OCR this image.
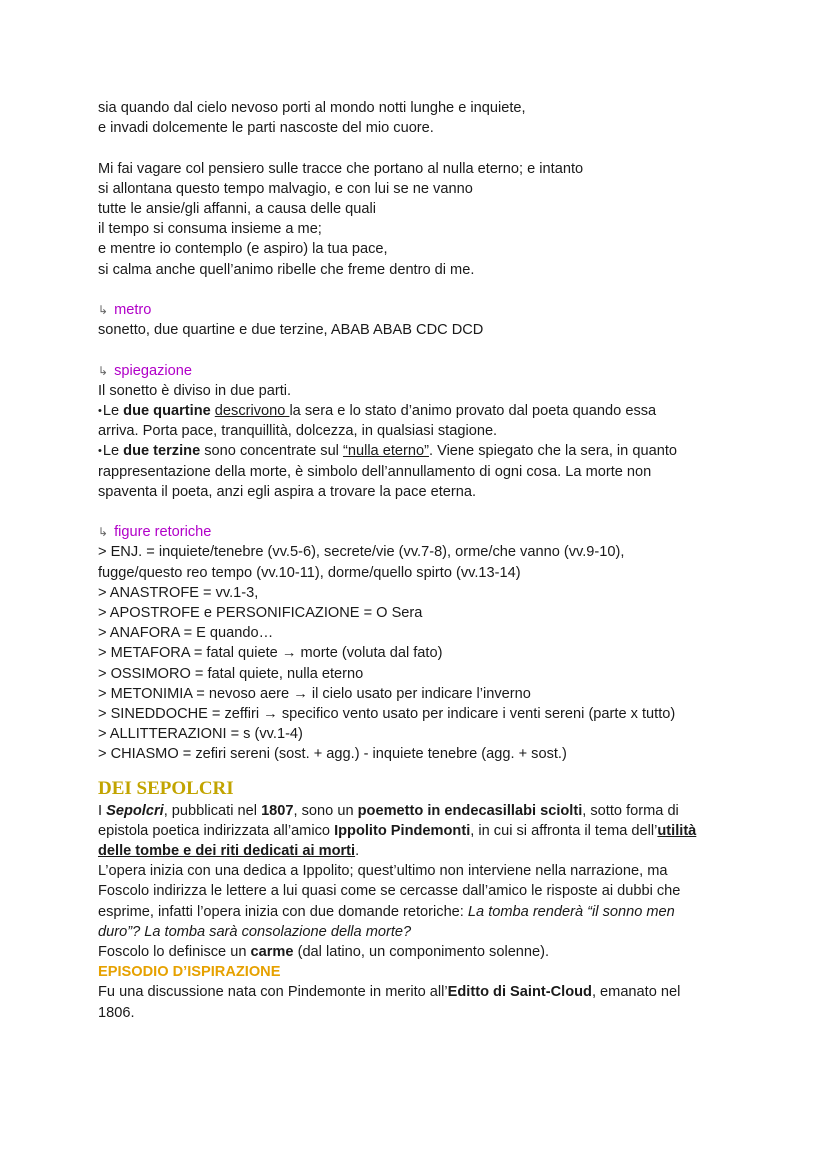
sia quando dal cielo nevoso porti al mondo notti lunghe e inquiete,
e invadi dolcemente le parti nascoste del mio cuore.
Mi fai vagare col pensiero sulle tracce che portano al nulla eterno; e intanto
si allontana questo tempo malvagio, e con lui se ne vanno
tutte le ansie/gli affanni, a causa delle quali
il tempo si consuma insieme a me;
e mentre io contemplo (e aspiro) la tua pace,
si calma anche quell’animo ribelle che freme dentro di me.
↳ metro
sonetto, due quartine e due terzine, ABAB ABAB CDC DCD
↳ spiegazione
Il sonetto è diviso in due parti.
•Le due quartine descrivono la sera e lo stato d’animo provato dal poeta quando essa
arriva. Porta pace, tranquillità, dolcezza, in qualsiasi stagione.
•Le due terzine sono concentrate sul “nulla eterno”. Viene spiegato che la sera, in quanto
rappresentazione della morte, è simbolo dell’annullamento di ogni cosa. La morte non
spaventa il poeta, anzi egli aspira a trovare la pace eterna.
↳ figure retoriche
> ENJ. = inquiete/tenebre (vv.5-6), secrete/vie (vv.7-8), orme/che vanno (vv.9-10),
fugge/questo reo tempo (vv.10-11), dorme/quello spirto (vv.13-14)
> ANASTROFE = vv.1-3,
> APOSTROFE e PERSONIFICAZIONE = O Sera
> ANAFORA = E quando…
> METAFORA = fatal quiete → morte (voluta dal fato)
> OSSIMORO = fatal quiete, nulla eterno
> METONIMIA = nevoso aere → il cielo usato per indicare l’inverno
> SINEDDOCHE = zeffiri → specifico vento usato per indicare i venti sereni (parte x tutto)
> ALLITTERAZIONI = s (vv.1-4)
> CHIASMO = zefiri sereni (sost. + agg.) - inquiete tenebre (agg. + sost.)
DEI SEPOLCRI
I Sepolcri, pubblicati nel 1807, sono un poemetto in endecasillabi sciolti, sotto forma di
epistola poetica indirizzata all’amico Ippolito Pindemonti, in cui si affronta il tema dell’utilità
delle tombe e dei riti dedicati ai morti.
L’opera inizia con una dedica a Ippolito; quest’ultimo non interviene nella narrazione, ma
Foscolo indirizza le lettere a lui quasi come se cercasse dall’amico le risposte ai dubbi che
esprime, infatti l’opera inizia con due domande retoriche: La tomba renderà “il sonno men
duro”? La tomba sarà consolazione della morte?
Foscolo lo definisce un carme (dal latino, un componimento solenne).
EPISODIO D’ISPIRAZIONE
Fu una discussione nata con Pindemonte in merito all’Editto di Saint-Cloud, emanato nel
1806.
